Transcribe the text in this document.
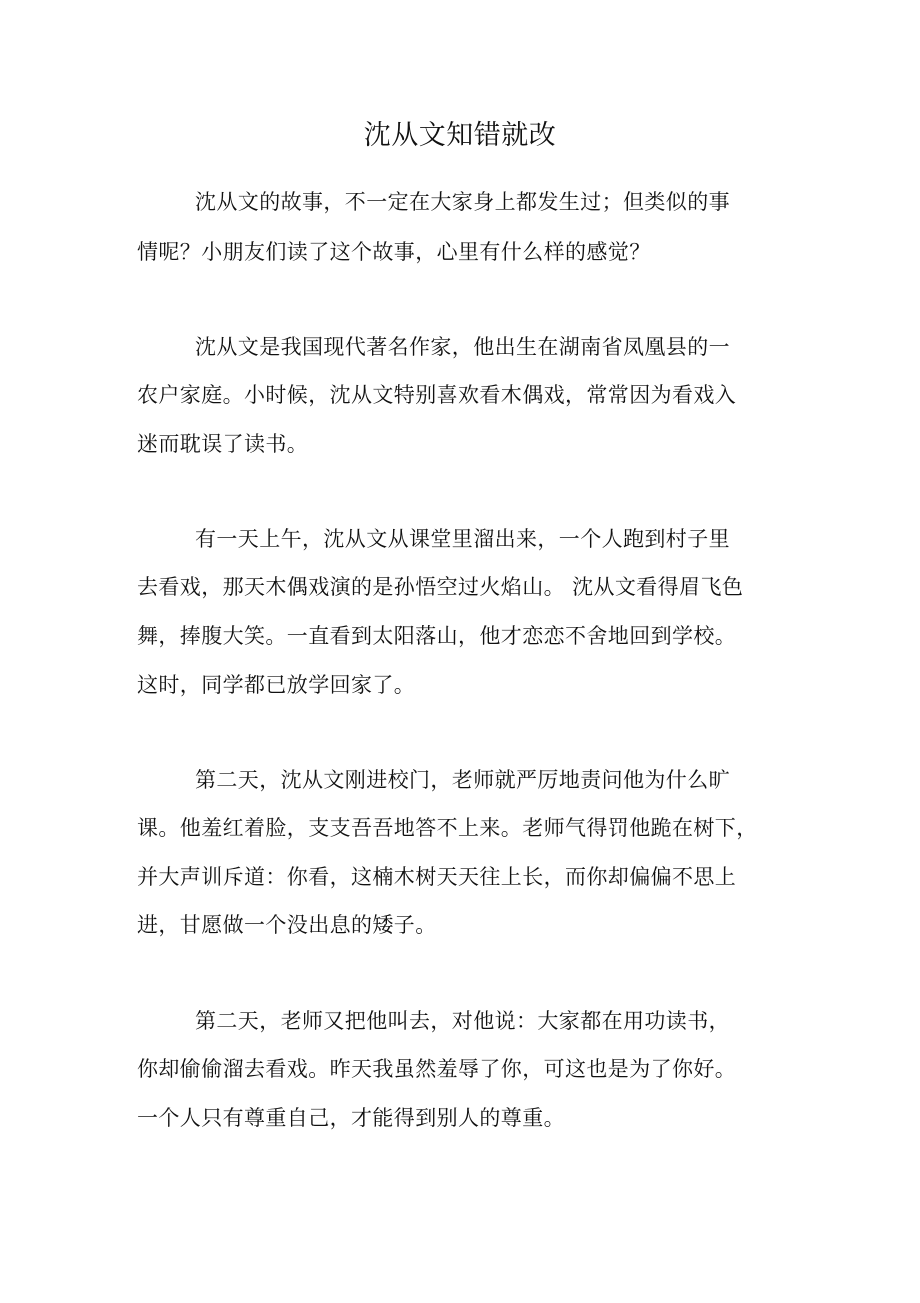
沈从文知错就改
沈从文的故事，不一定在大家身上都发生过；但类似的事
情呢？小朋友们读了这个故事，心里有什么样的感觉？
沈从文是我国现代著名作家，他出生在湖南省凤凰县的一
农户家庭。小时候，沈从文特别喜欢看木偶戏，常常因为看戏入
迷而耽误了读书。
有一天上午，沈从文从课堂里溜出来，一个人跑到村子里
去看戏，那天木偶戏演的是孙悟空过火焰山。 沈从文看得眉飞色
舞，捧腹大笑。一直看到太阳落山，他才恋恋不舍地回到学校。
这时，同学都已放学回家了。
第二天，沈从文刚进校门，老师就严厉地责问他为什么旷
课。他羞红着脸，支支吾吾地答不上来。老师气得罚他跪在树下，
并大声训斥道：你看，这楠木树天天往上长，而你却偏偏不思上
进，甘愿做一个没出息的矮子。
第二天，老师又把他叫去，对他说：大家都在用功读书，
你却偷偷溜去看戏。昨天我虽然羞辱了你，可这也是为了你好。
一个人只有尊重自己，才能得到别人的尊重。
